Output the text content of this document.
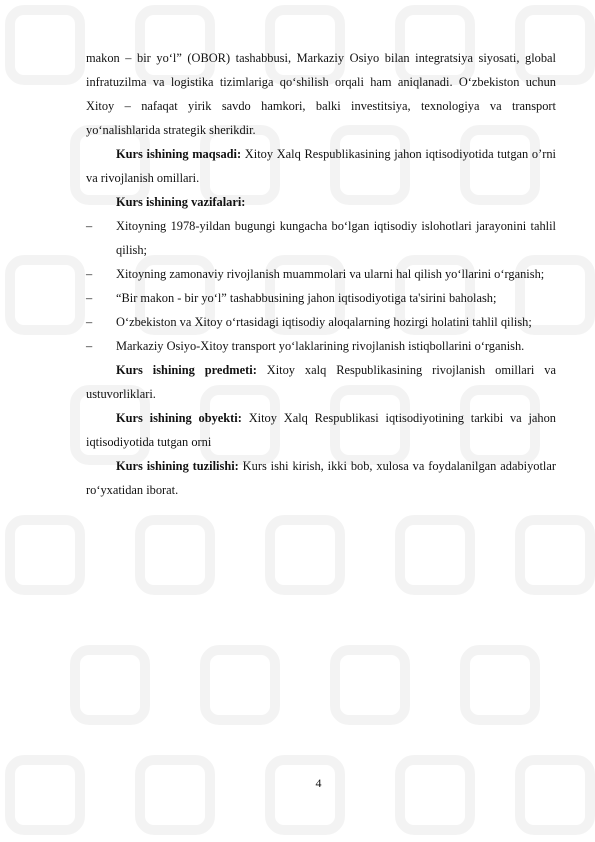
makon – bir yo‘l” (OBOR) tashabbusi, Markaziy Osiyo bilan integratsiya siyosati, global infratuzilma va logistika tizimlariga qo‘shilish orqali ham aniqlanadi. O‘zbekiston uchun Xitoy – nafaqat yirik savdo hamkori, balki investitsiya, texnologiya va transport yo‘nalishlarida strategik sherikdir.

Kurs ishining maqsadi: Xitoy Xalq Respublikasining jahon iqtisodiyotida tutgan o’rni va rivojlanish omillari.

Kurs ishining vazifalari:

–	Xitoyning 1978-yildan bugungi kungacha bo‘lgan iqtisodiy islohotlari jarayonini tahlil qilish;
–	Xitoyning zamonaviy rivojlanish muammolari va ularni hal qilish yo‘llarini o‘rganish;
–	“Bir makon - bir yo‘l” tashabbusining jahon iqtisodiyotiga ta'sirini baholash;
–	O‘zbekiston va Xitoy o‘rtasidagi iqtisodiy aloqalarning hozirgi holatini tahlil qilish;
–	Markaziy Osiyo-Xitoy transport yo‘laklarining rivojlanish istiqbollarini o‘rganish.

Kurs ishining predmeti: Xitoy xalq Respublikasining rivojlanish omillari va ustuvorliklari.

Kurs ishining obyekti: Xitoy Xalq Respublikasi iqtisodiyotining tarkibi va jahon iqtisodiyotida tutgan orni

Kurs ishining tuzilishi: Kurs ishi kirish, ikki bob, xulosa va foydalanilgan adabiyotlar ro‘yxatidan iborat.

4
